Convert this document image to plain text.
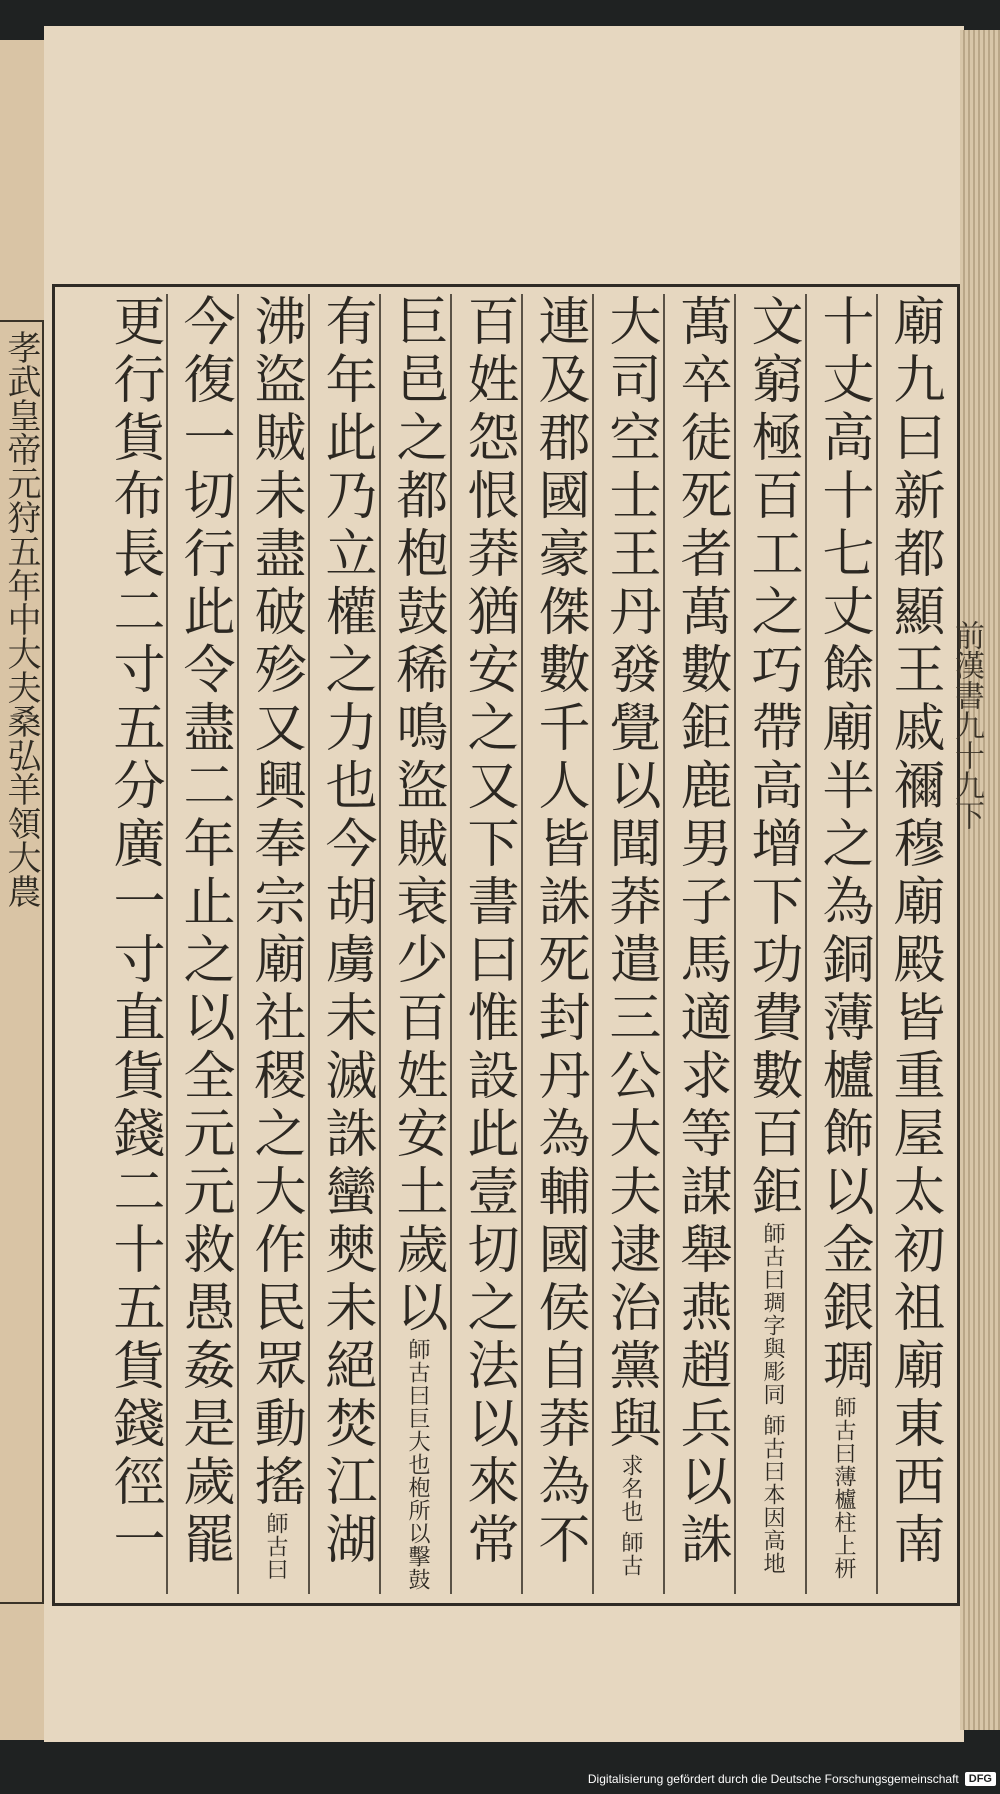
孝武皇帝元狩五年中大夫桑弘羊領大農
廟九曰新都顯王戚禰穆廟殿皆重屋太初祖廟東西南
十丈高十七丈餘廟半之為銅薄櫨飾以金銀琱師古曰薄櫨柱上枅
文窮極百工之巧帶高增下功費數百鉅師古曰琱字與彫同 師古曰本因高地
萬卒徒死者萬數鉅鹿男子馬適求等謀舉燕趙兵以誅
大司空士王丹發覺以聞莽遣三公大夫逮治黨與求名也 師古
連及郡國豪傑數千人皆誅死封丹為輔國侯自莽為不
百姓怨恨莽猶安之又下書曰惟設此壹切之法以來常
巨邑之都枹鼓稀鳴盜賊衰少百姓安土歲以師古曰巨大也枹所以擊鼓
有年此乃立權之力也今胡虜未滅誅蠻僰未絕焚江湖
沸盜賊未盡破殄又興奉宗廟社稷之大作民眾動搖師古曰
今復一切行此令盡二年止之以全元元救愚姦是歲罷
更行貨布長二寸五分廣一寸直貨錢二十五貨錢徑一
前漢書九十九下
Digitalisierung gefördert durch die Deutsche Forschungsgemeinschaft DFG
